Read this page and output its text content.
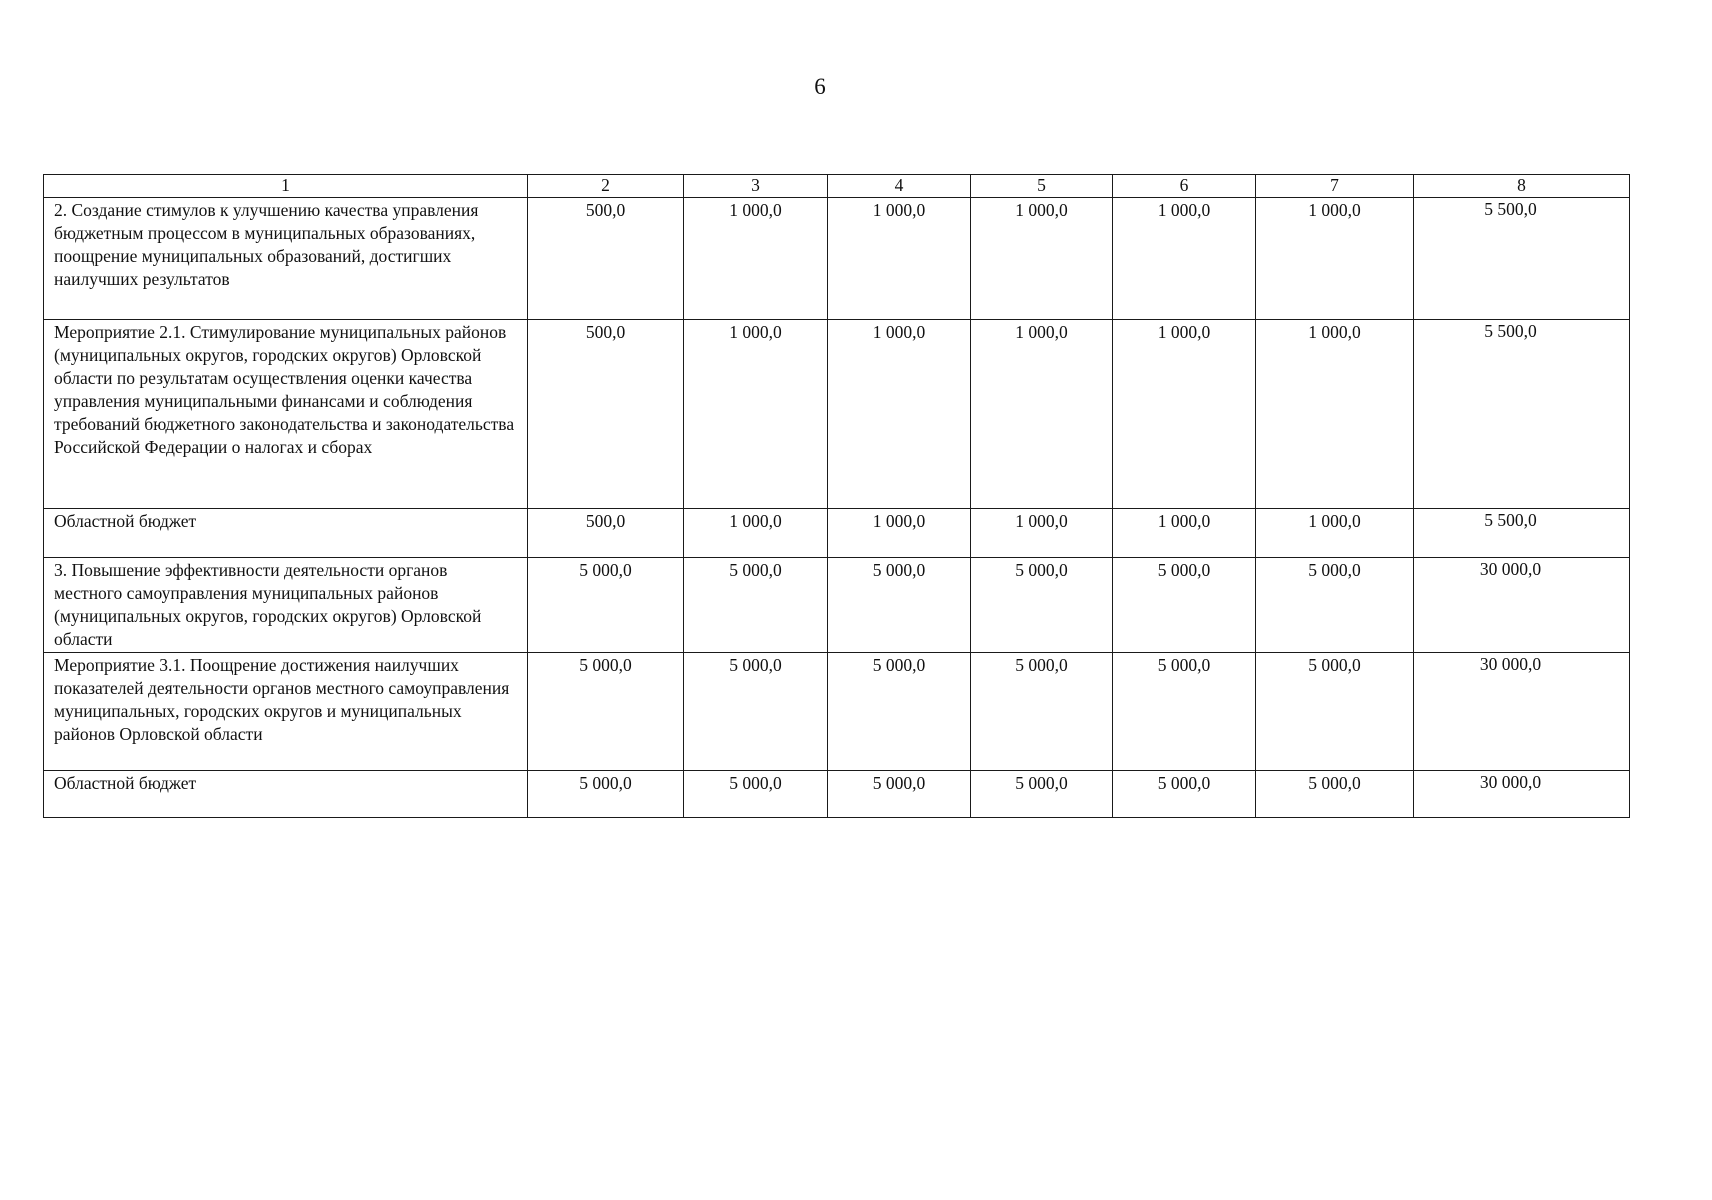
6
1	2	3	4	5	6	7	8
2. Создание стимулов к улучшению качества управления бюджетным процессом в муниципальных образованиях, поощрение муниципальных образований, достигших наилучших результатов	500,0	1 000,0	1 000,0	1 000,0	1 000,0	1 000,0	5 500,0
Мероприятие 2.1. Стимулирование муниципальных районов (муниципальных округов, городских округов) Орловской области по результатам осуществления оценки качества управления муниципальными финансами и соблюдения требований бюджетного законодательства и законодательства Российской Федерации о налогах и сборах	500,0	1 000,0	1 000,0	1 000,0	1 000,0	1 000,0	5 500,0
Областной бюджет	500,0	1 000,0	1 000,0	1 000,0	1 000,0	1 000,0	5 500,0
3. Повышение эффективности деятельности органов местного самоуправления муниципальных районов (муниципальных округов, городских округов) Орловской области	5 000,0	5 000,0	5 000,0	5 000,0	5 000,0	5 000,0	30 000,0
Мероприятие 3.1. Поощрение достижения наилучших показателей деятельности органов местного самоуправления муниципальных, городских округов и муниципальных районов Орловской области	5 000,0	5 000,0	5 000,0	5 000,0	5 000,0	5 000,0	30 000,0
Областной бюджет	5 000,0	5 000,0	5 000,0	5 000,0	5 000,0	5 000,0	30 000,0
